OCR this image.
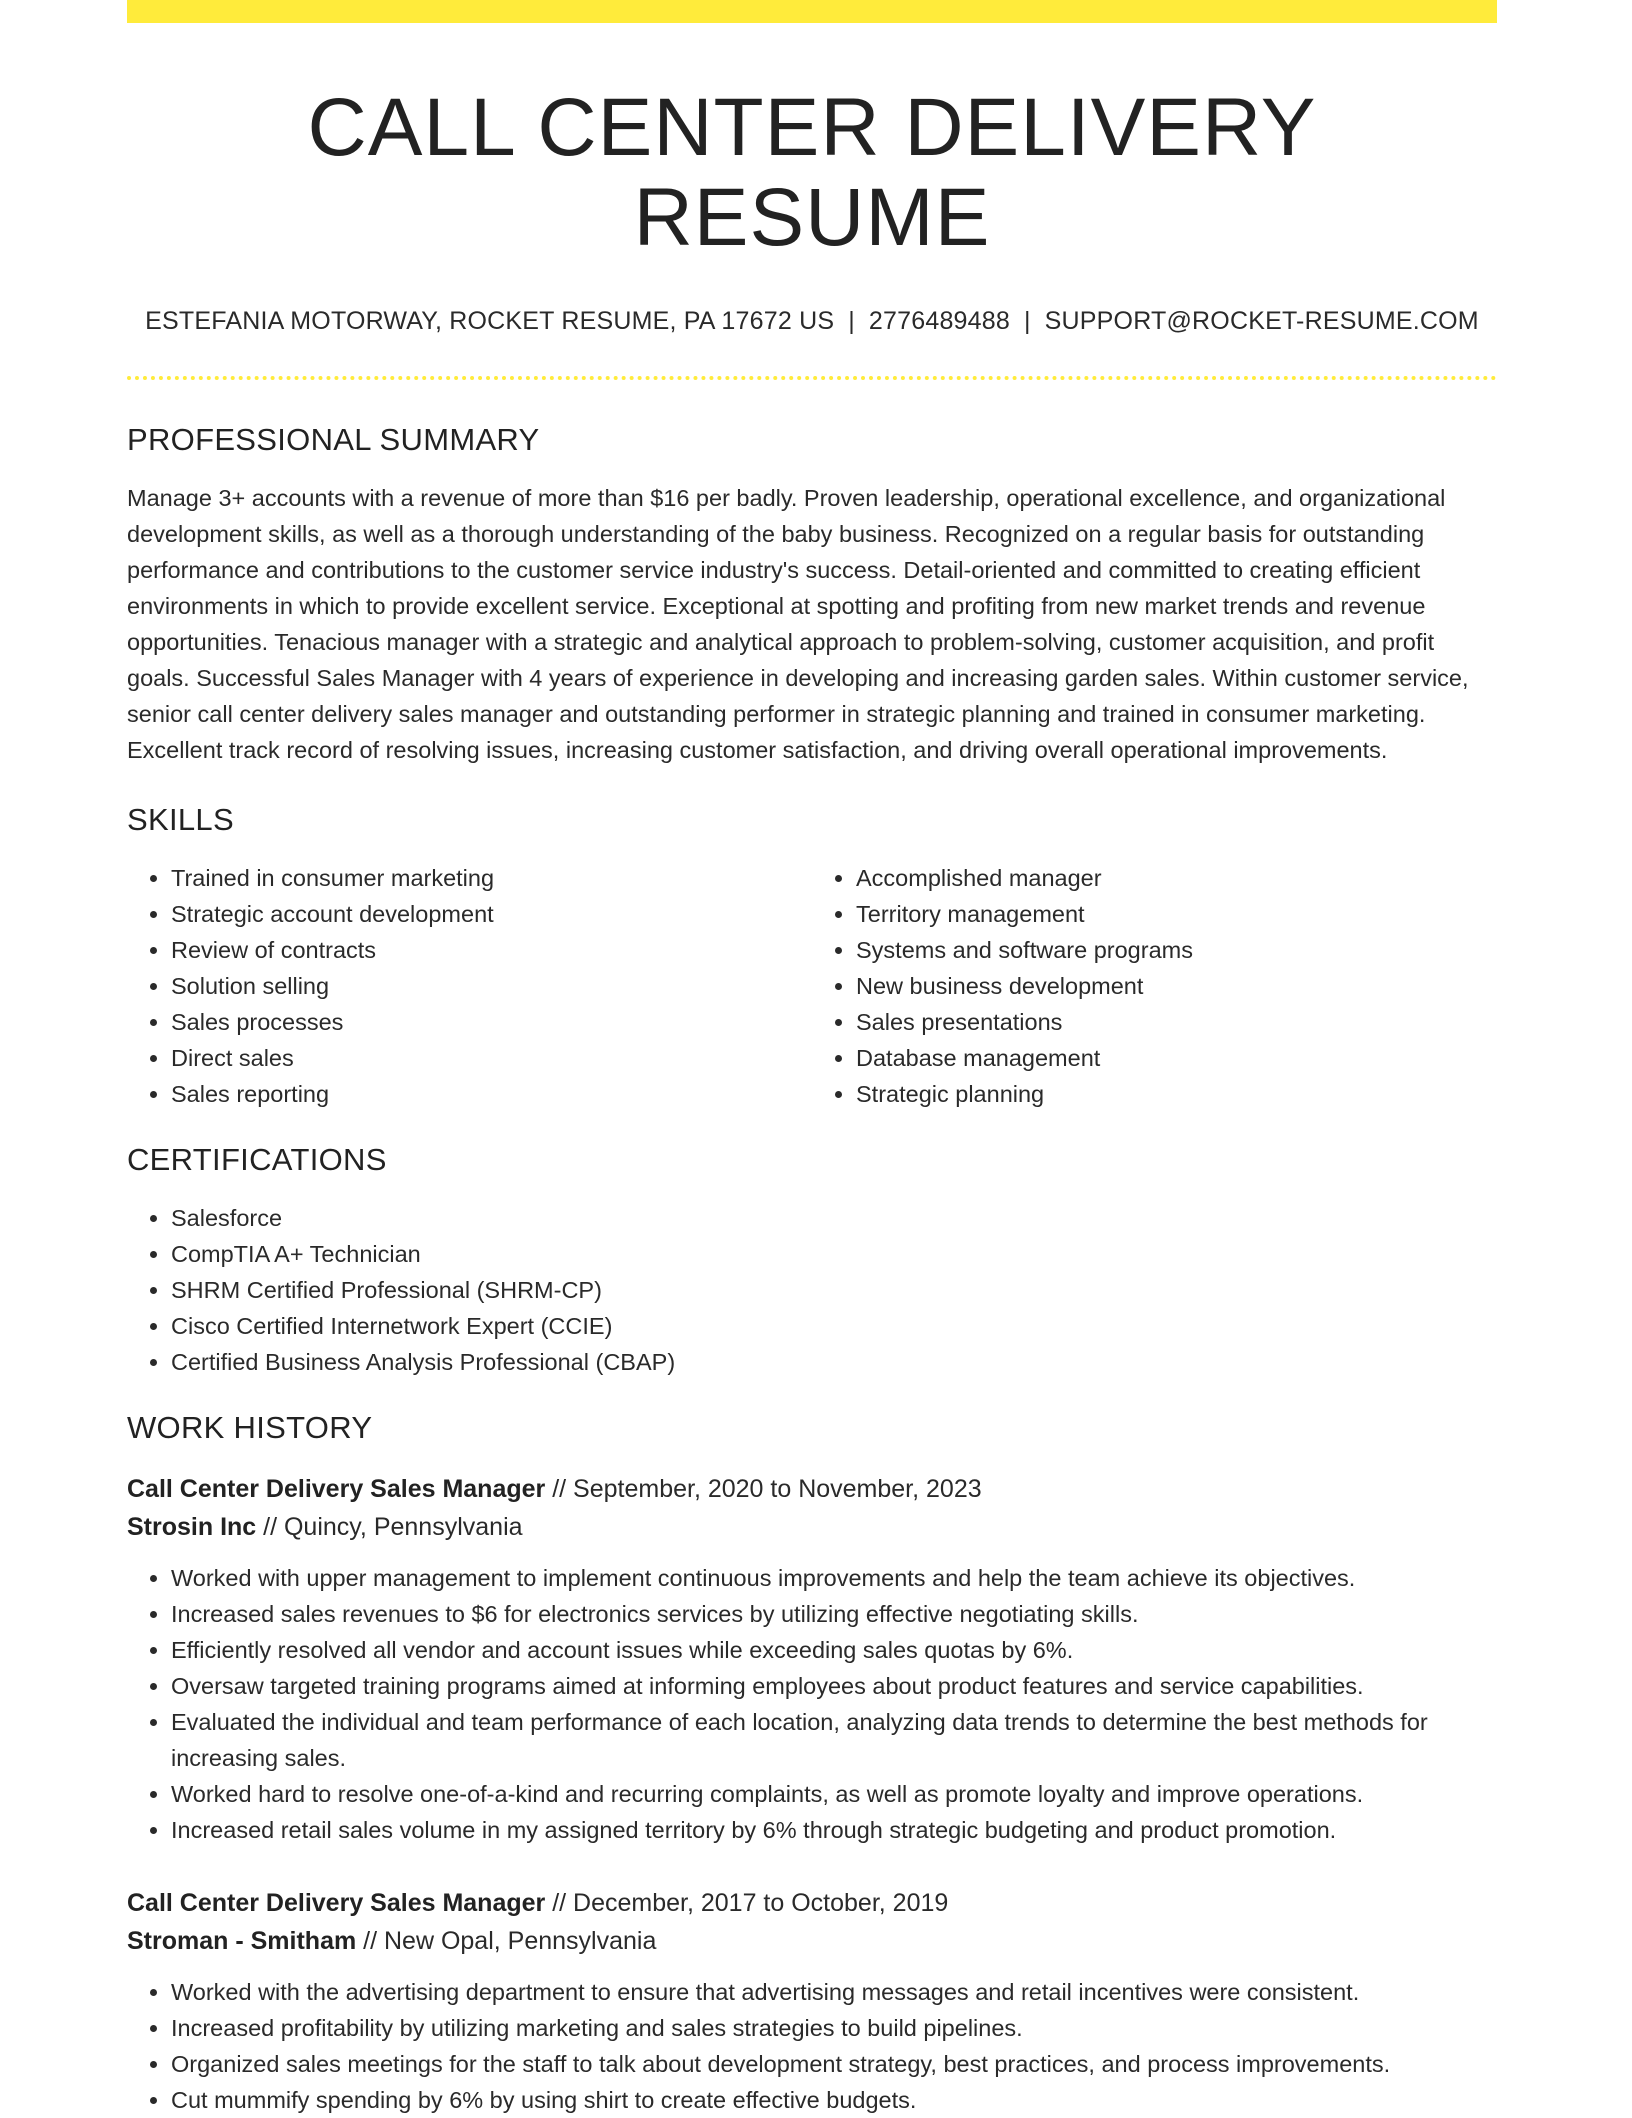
CALL CENTER DELIVERY RESUME
ESTEFANIA MOTORWAY, ROCKET RESUME, PA 17672 US | 2776489488 | SUPPORT@ROCKET-RESUME.COM
PROFESSIONAL SUMMARY

Manage 3+ accounts with a revenue of more than $16 per badly. Proven leadership, operational excellence, and organizational development skills, as well as a thorough understanding of the baby business. Recognized on a regular basis for outstanding performance and contributions to the customer service industry's success. Detail-oriented and committed to creating efficient environments in which to provide excellent service. Exceptional at spotting and profiting from new market trends and revenue opportunities. Tenacious manager with a strategic and analytical approach to problem-solving, customer acquisition, and profit goals. Successful Sales Manager with 4 years of experience in developing and increasing garden sales. Within customer service, senior call center delivery sales manager and outstanding performer in strategic planning and trained in consumer marketing. Excellent track record of resolving issues, increasing customer satisfaction, and driving overall operational improvements.

SKILLS
• Trained in consumer marketing
• Strategic account development
• Review of contracts
• Solution selling
• Sales processes
• Direct sales
• Sales reporting
• Accomplished manager
• Territory management
• Systems and software programs
• New business development
• Sales presentations
• Database management
• Strategic planning
CERTIFICATIONS
• Salesforce
• CompTIA A+ Technician
• SHRM Certified Professional (SHRM-CP)
• Cisco Certified Internetwork Expert (CCIE)
• Certified Business Analysis Professional (CBAP)
WORK HISTORY
Call Center Delivery Sales Manager // September, 2020 to November, 2023
Strosin Inc // Quincy, Pennsylvania
• Worked with upper management to implement continuous improvements and help the team achieve its objectives.
• Increased sales revenues to $6 for electronics services by utilizing effective negotiating skills.
• Efficiently resolved all vendor and account issues while exceeding sales quotas by 6%.
• Oversaw targeted training programs aimed at informing employees about product features and service capabilities.
• Evaluated the individual and team performance of each location, analyzing data trends to determine the best methods for increasing sales.
• Worked hard to resolve one-of-a-kind and recurring complaints, as well as promote loyalty and improve operations.
• Increased retail sales volume in my assigned territory by 6% through strategic budgeting and product promotion.
Call Center Delivery Sales Manager // December, 2017 to October, 2019
Stroman - Smitham // New Opal, Pennsylvania
• Worked with the advertising department to ensure that advertising messages and retail incentives were consistent.
• Increased profitability by utilizing marketing and sales strategies to build pipelines.
• Organized sales meetings for the staff to talk about development strategy, best practices, and process improvements.
• Cut mummify spending by 6% by using shirt to create effective budgets.
